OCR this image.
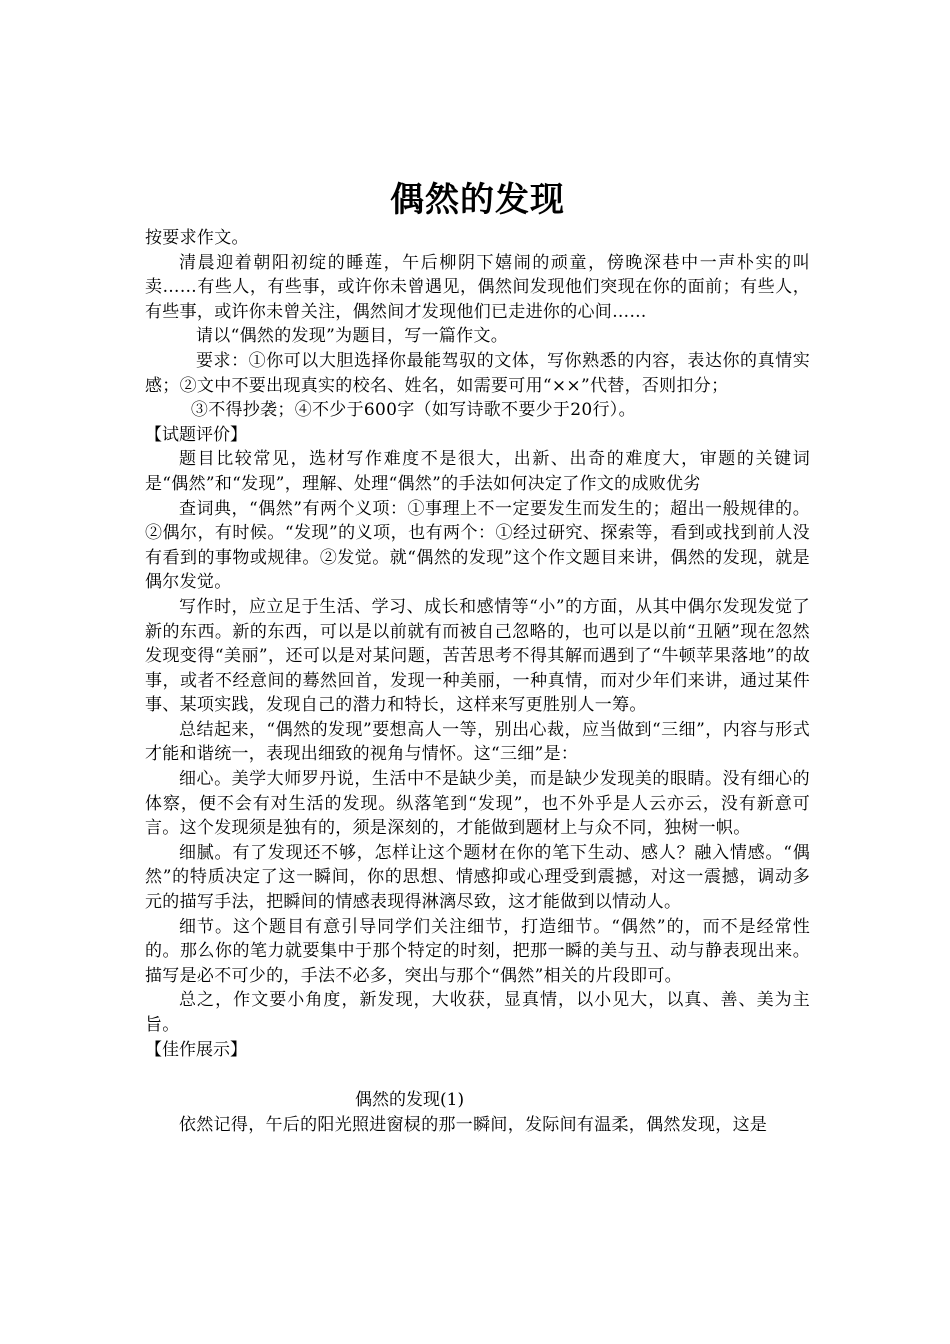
偶然的发现

按要求作文。

清晨迎着朝阳初绽的睡莲，午后柳阴下嬉闹的顽童，傍晚深巷中一声朴实的叫卖……有些人，有些事，或许你未曾遇见，偶然间发现他们突现在你的面前；有些人，有些事，或许你未曾关注，偶然间才发现他们已走进你的心间……

请以“偶然的发现”为题目，写一篇作文。

要求：①你可以大胆选择你最能驾驭的文体，写你熟悉的内容，表达你的真情实感；②文中不要出现真实的校名、姓名，如需要可用“××”代替，否则扣分；

③不得抄袭；④不少于600字（如写诗歌不要少于20行）。

【试题评价】

题目比较常见，选材写作难度不是很大，出新、出奇的难度大，审题的关键词是“偶然”和“发现”，理解、处理“偶然”的手法如何决定了作文的成败优劣

查词典，“偶然”有两个义项：①事理上不一定要发生而发生的；超出一般规律的。②偶尔，有时候。“发现”的义项，也有两个：①经过研究、探索等，看到或找到前人没有看到的事物或规律。②发觉。就“偶然的发现”这个作文题目来讲，偶然的发现，就是偶尔发觉。

写作时，应立足于生活、学习、成长和感情等“小”的方面，从其中偶尔发现发觉了新的东西。新的东西，可以是以前就有而被自己忽略的，也可以是以前“丑陋”现在忽然发现变得“美丽”，还可以是对某问题，苦苦思考不得其解而遇到了“牛顿苹果落地”的故事，或者不经意间的蓦然回首，发现一种美丽，一种真情，而对少年们来讲，通过某件事、某项实践，发现自己的潜力和特长，这样来写更胜别人一筹。

总结起来，“偶然的发现”要想高人一等，别出心裁，应当做到“三细”，内容与形式才能和谐统一，表现出细致的视角与情怀。这“三细”是：

细心。美学大师罗丹说，生活中不是缺少美，而是缺少发现美的眼睛。没有细心的体察，便不会有对生活的发现。纵落笔到“发现”，也不外乎是人云亦云，没有新意可言。这个发现须是独有的，须是深刻的，才能做到题材上与众不同，独树一帜。

细腻。有了发现还不够，怎样让这个题材在你的笔下生动、感人？融入情感。“偶然”的特质决定了这一瞬间，你的思想、情感抑或心理受到震撼，对这一震撼，调动多元的描写手法，把瞬间的情感表现得淋漓尽致，这才能做到以情动人。

细节。这个题目有意引导同学们关注细节，打造细节。“偶然”的，而不是经常性的。那么你的笔力就要集中于那个特定的时刻，把那一瞬的美与丑、动与静表现出来。描写是必不可少的，手法不必多，突出与那个“偶然”相关的片段即可。

总之，作文要小角度，新发现，大收获，显真情，以小见大，以真、善、美为主旨。

【佳作展示】

偶然的发现(1)

依然记得，午后的阳光照进窗棂的那一瞬间，发际间有温柔，偶然发现，这是
